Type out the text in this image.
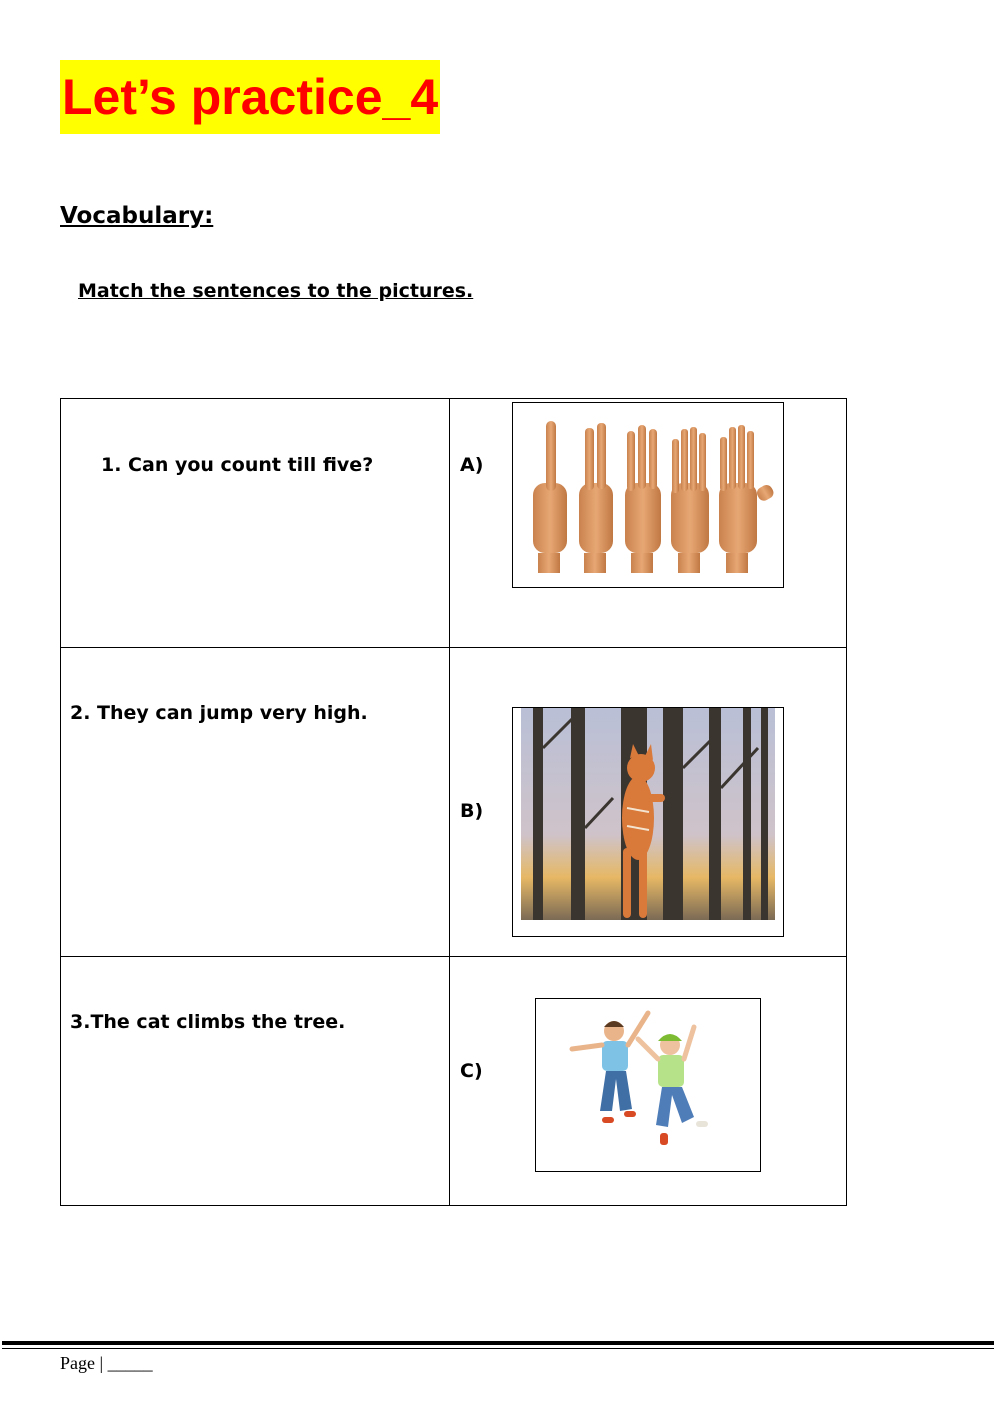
Let’s practice_4
Vocabulary:
Match the sentences to the pictures.
1. Can you count till five?	A)

2. They can jump very high.	B)

3.The cat climbs the tree.	C)
Page | _____
